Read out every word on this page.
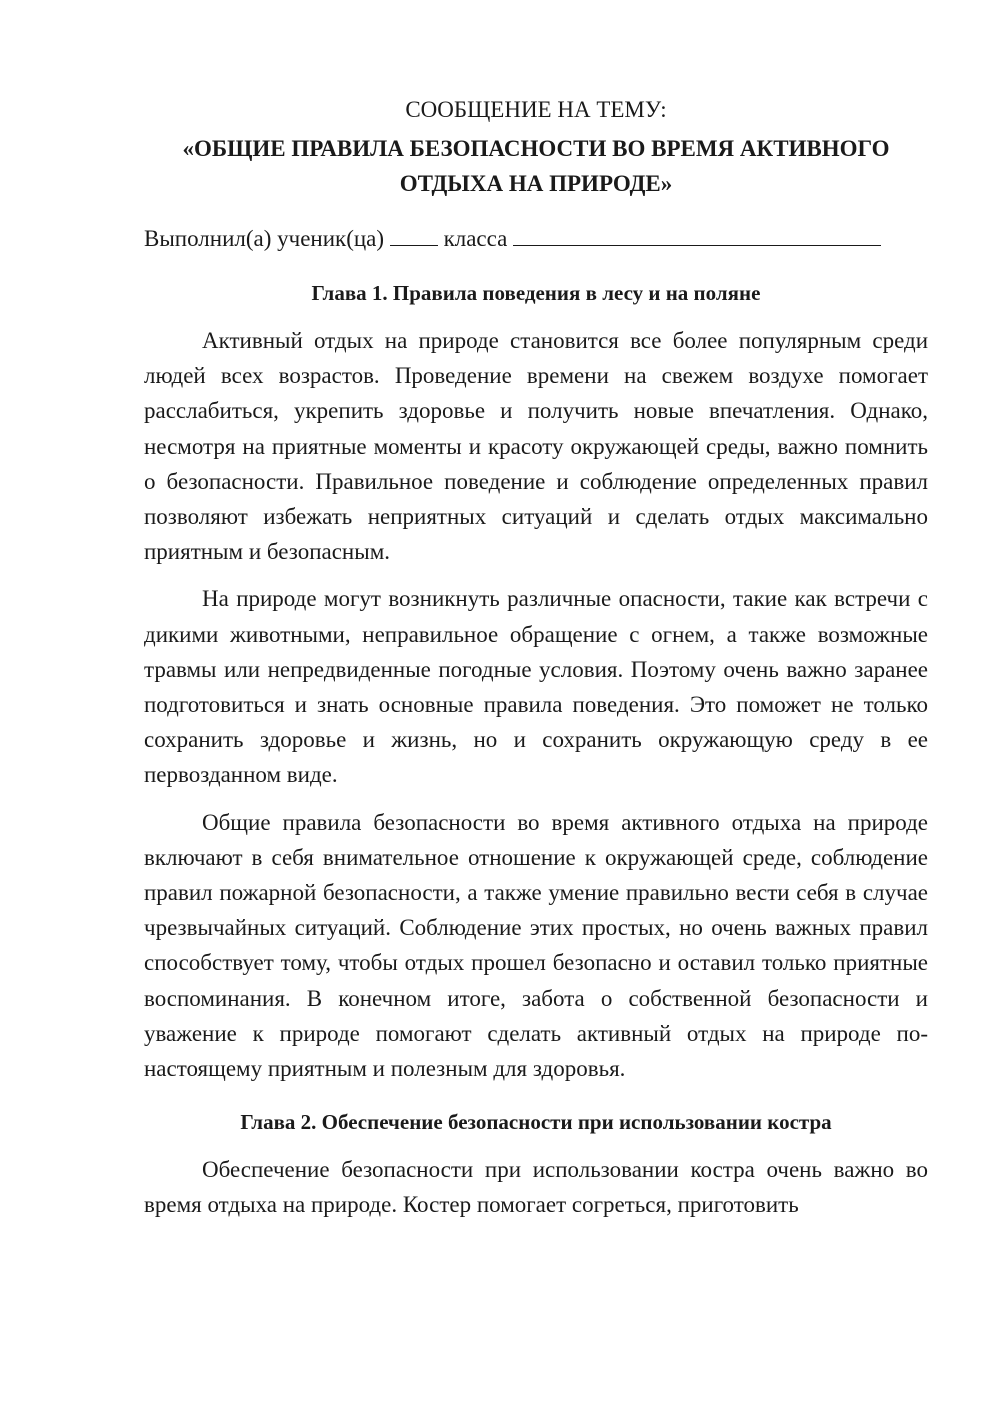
СООБЩЕНИЕ НА ТЕМУ:

«ОБЩИЕ ПРАВИЛА БЕЗОПАСНОСТИ ВО ВРЕМЯ АКТИВНОГО
ОТДЫХА НА ПРИРОДЕ»

Выполнил(а) ученик(ца)	класса

Глава 1. Правила поведения в лесу и на поляне

Активный отдых на природе становится все более популярным среди людей всех возрастов. Проведение времени на свежем воздухе помогает расслабиться, укрепить здоровье и получить новые впечатления. Однако, несмотря на приятные моменты и красоту окружающей среды, важно помнить о безопасности. Правильное поведение и соблюдение определенных правил позволяют избежать неприятных ситуаций и сделать отдых максимально приятным и безопасным.

На природе могут возникнуть различные опасности, такие как встречи с дикими животными, неправильное обращение с огнем, а также возможные травмы или непредвиденные погодные условия. Поэтому очень важно заранее подготовиться и знать основные правила поведения. Это поможет не только сохранить здоровье и жизнь, но и сохранить окружающую среду в ее первозданном виде.

Общие правила безопасности во время активного отдыха на природе включают в себя внимательное отношение к окружающей среде, соблюдение правил пожарной безопасности, а также умение правильно вести себя в случае чрезвычайных ситуаций. Соблюдение этих простых, но очень важных правил способствует тому, чтобы отдых прошел безопасно и оставил только приятные воспоминания. В конечном итоге, забота о собственной безопасности и уважение к природе помогают сделать активный отдых на природе по-настоящему приятным и полезным для здоровья.

Глава 2. Обеспечение безопасности при использовании костра

Обеспечение безопасности при использовании костра очень важно во время отдыха на природе. Костер помогает согреться, приготовить
